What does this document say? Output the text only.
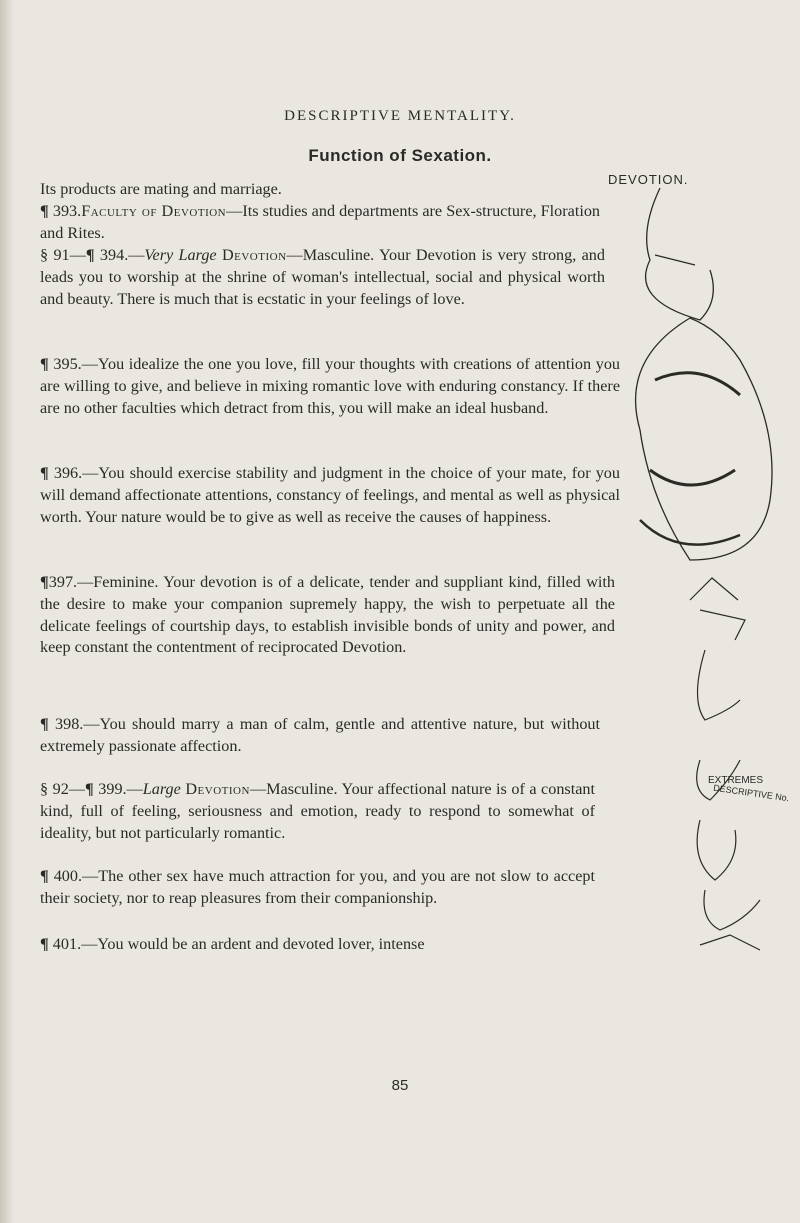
DESCRIPTIVE MENTALITY.
Function of Sexation.

Its products are mating and marriage.

¶ 393.Faculty of Devotion—Its studies and departments are Sex-structure, Floration and Rites.

§ 91—¶ 394.—Very Large Devotion—Masculine. Your Devotion is very strong, and leads you to worship at the shrine of woman's intellectual, social and physical worth and beauty. There is much that is ecstatic in your feelings of love.

¶ 395.—You idealize the one you love, fill your thoughts with creations of attention you are willing to give, and believe in mixing romantic love with enduring constancy. If there are no other faculties which detract from this, you will make an ideal husband.

¶ 396.—You should exercise stability and judgment in the choice of your mate, for you will demand affectionate attentions, constancy of feelings, and mental as well as physical worth. Your nature would be to give as well as receive the causes of happiness.

¶397.—Feminine. Your devotion is of a delicate, tender and suppliant kind, filled with the desire to make your companion supremely happy, the wish to perpetuate all the delicate feelings of courtship days, to establish invisible bonds of unity and power, and keep constant the contentment of reciprocated Devotion.

¶ 398.—You should marry a man of calm, gentle and attentive nature, but without extremely passionate affection.

§ 92—¶ 399.—Large Devotion—Masculine. Your affectional nature is of a constant kind, full of feeling, seriousness and emotion, ready to respond to somewhat of ideality, but not particularly romantic.

¶ 400.—The other sex have much attraction for you, and you are not slow to accept their society, nor to reap pleasures from their companionship.

¶ 401.—You would be an ardent and devoted lover, intense

85
DEVOTION.
EXTREMES
DESCRIPTIVE No.
